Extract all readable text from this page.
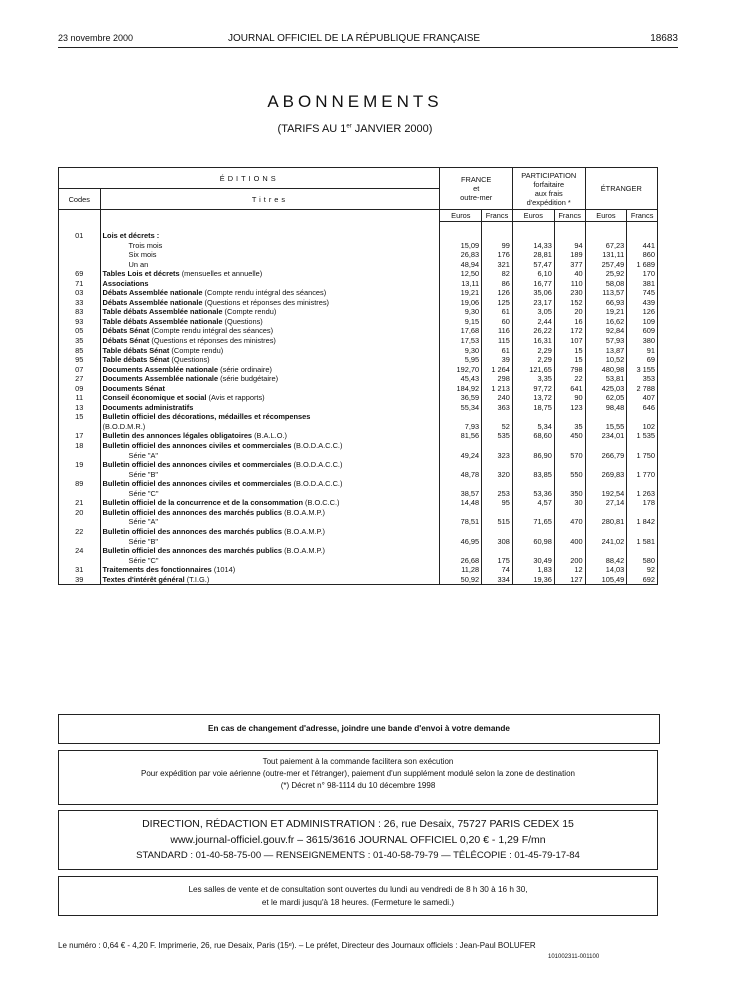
23 novembre 2000	JOURNAL OFFICIEL DE LA RÉPUBLIQUE FRANÇAISE	18683
ABONNEMENTS
(TARIFS AU 1er JANVIER 2000)
ÉDITIONS		FRANCE
et
outre-mer		PARTICIPATION
forfaitaire
aux frais
d'expédition *		ÉTRANGER	
Codes	Titres						
		Euros	Francs	Euros	Francs	Euros	Francs

01	Lois et décrets :						
	Trois mois	15,09	99	14,33	94	67,23	441
	Six mois	26,83	176	28,81	189	131,11	860
	Un an	48,94	321	57,47	377	257,49	1 689
69	Tables Lois et décrets (mensuelles et annuelle)	12,50	82	6,10	40	25,92	170
71	Associations	13,11	86	16,77	110	58,08	381
03	Débats Assemblée nationale (Compte rendu intégral des séances)	19,21	126	35,06	230	113,57	745
33	Débats Assemblée nationale (Questions et réponses des ministres)	19,06	125	23,17	152	66,93	439
83	Table débats Assemblée nationale (Compte rendu)	9,30	61	3,05	20	19,21	126
93	Table débats Assemblée nationale (Questions)	9,15	60	2,44	16	16,62	109
05	Débats Sénat (Compte rendu intégral des séances)	17,68	116	26,22	172	92,84	609
35	Débats Sénat (Questions et réponses des ministres)	17,53	115	16,31	107	57,93	380
85	Table débats Sénat (Compte rendu)	9,30	61	2,29	15	13,87	91
95	Table débats Sénat (Questions)	5,95	39	2,29	15	10,52	69
07	Documents Assemblée nationale (série ordinaire)	192,70	1 264	121,65	798	480,98	3 155
27	Documents Assemblée nationale (série budgétaire)	45,43	298	3,35	22	53,81	353
09	Documents Sénat	184,92	1 213	97,72	641	425,03	2 788
11	Conseil économique et social (Avis et rapports)	36,59	240	13,72	90	62,05	407
13	Documents administratifs	55,34	363	18,75	123	98,48	646
15	Bulletin officiel des décorations, médailles et récompenses						
	(B.O.D.M.R.)	7,93	52	5,34	35	15,55	102
17	Bulletin des annonces légales obligatoires (B.A.L.O.)	81,56	535	68,60	450	234,01	1 535
18	Bulletin officiel des annonces civiles et commerciales (B.O.D.A.C.C.)						
	Série "A"	49,24	323	86,90	570	266,79	1 750
19	Bulletin officiel des annonces civiles et commerciales (B.O.D.A.C.C.)						
	Série "B"	48,78	320	83,85	550	269,83	1 770
89	Bulletin officiel des annonces civiles et commerciales (B.O.D.A.C.C.)						
	Série "C"	38,57	253	53,36	350	192,54	1 263
21	Bulletin officiel de la concurrence et de la consommation (B.O.C.C.)	14,48	95	4,57	30	27,14	178
20	Bulletin officiel des annonces des marchés publics (B.O.A.M.P.)						
	Série "A"	78,51	515	71,65	470	280,81	1 842
22	Bulletin officiel des annonces des marchés publics (B.O.A.M.P.)						
	Série "B"	46,95	308	60,98	400	241,02	1 581
24	Bulletin officiel des annonces des marchés publics (B.O.A.M.P.)						
	Série "C"	26,68	175	30,49	200	88,42	580
31	Traitements des fonctionnaires (1014)	11,28	74	1,83	12	14,03	92
39	Textes d'intérêt général (T.I.G.)	50,92	334	19,36	127	105,49	692
En cas de changement d'adresse, joindre une bande d'envoi à votre demande
Tout paiement à la commande facilitera son exécution
Pour expédition par voie aérienne (outre-mer et l'étranger), paiement d'un supplément modulé selon la zone de destination
(*) Décret n° 98-1114 du 10 décembre 1998
DIRECTION, RÉDACTION ET ADMINISTRATION : 26, rue Desaix, 75727 PARIS CEDEX 15
www.journal-officiel.gouv.fr – 3615/3616 JOURNAL OFFICIEL 0,20 € - 1,29 F/mn
STANDARD : 01-40-58-75-00 — RENSEIGNEMENTS : 01-40-58-79-79 — TÉLÉCOPIE : 01-45-79-17-84
Les salles de vente et de consultation sont ouvertes du lundi au vendredi de 8 h 30 à 16 h 30,
et le mardi jusqu'à 18 heures. (Fermeture le samedi.)
Le numéro : 0,64 € - 4,20 F. Imprimerie, 26, rue Desaix, Paris (15ᵉ). – Le préfet, Directeur des Journaux officiels : Jean-Paul BOLUFER
101002311-001100
